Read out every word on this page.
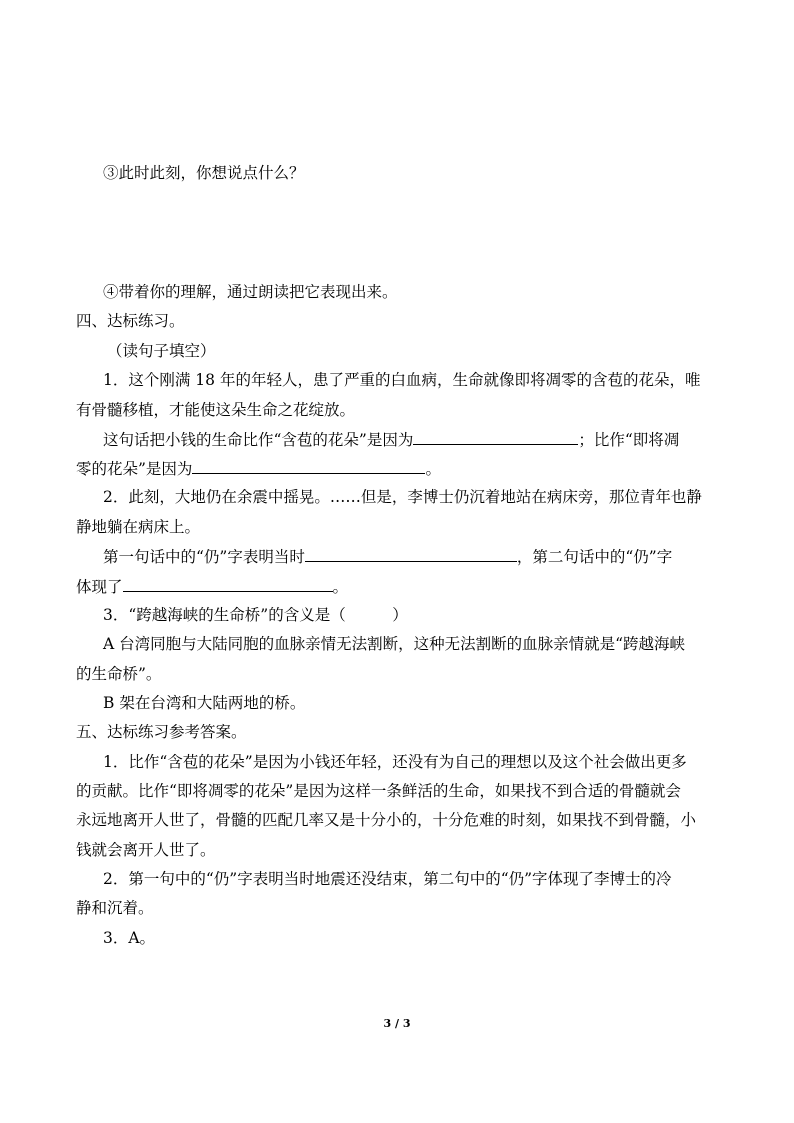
③此时此刻，你想说点什么？
④带着你的理解，通过朗读把它表现出来。
四、达标练习。
（读句子填空）
1．这个刚满 18 年的年轻人，患了严重的白血病，生命就像即将凋零的含苞的花朵，唯
有骨髓移植，才能使这朵生命之花绽放。
这句话把小钱的生命比作“含苞的花朵”是因为	；比作“即将凋
零的花朵”是因为	。
2．此刻，大地仍在余震中摇晃。……但是，李博士仍沉着地站在病床旁，那位青年也静
静地躺在病床上。
第一句话中的“仍”字表明当时	，第二句话中的“仍”字
体现了	。
3．“跨越海峡的生命桥”的含义是（　　　）
A 台湾同胞与大陆同胞的血脉亲情无法割断，这种无法割断的血脉亲情就是“跨越海峡
的生命桥”。
B 架在台湾和大陆两地的桥。
五、达标练习参考答案。
1．比作“含苞的花朵”是因为小钱还年轻，还没有为自己的理想以及这个社会做出更多
的贡献。比作“即将凋零的花朵”是因为这样一条鲜活的生命，如果找不到合适的骨髓就会
永远地离开人世了，骨髓的匹配几率又是十分小的，十分危难的时刻，如果找不到骨髓，小
钱就会离开人世了。
2．第一句中的“仍”字表明当时地震还没结束，第二句中的“仍”字体现了李博士的冷
静和沉着。
3．A。
3 / 3
